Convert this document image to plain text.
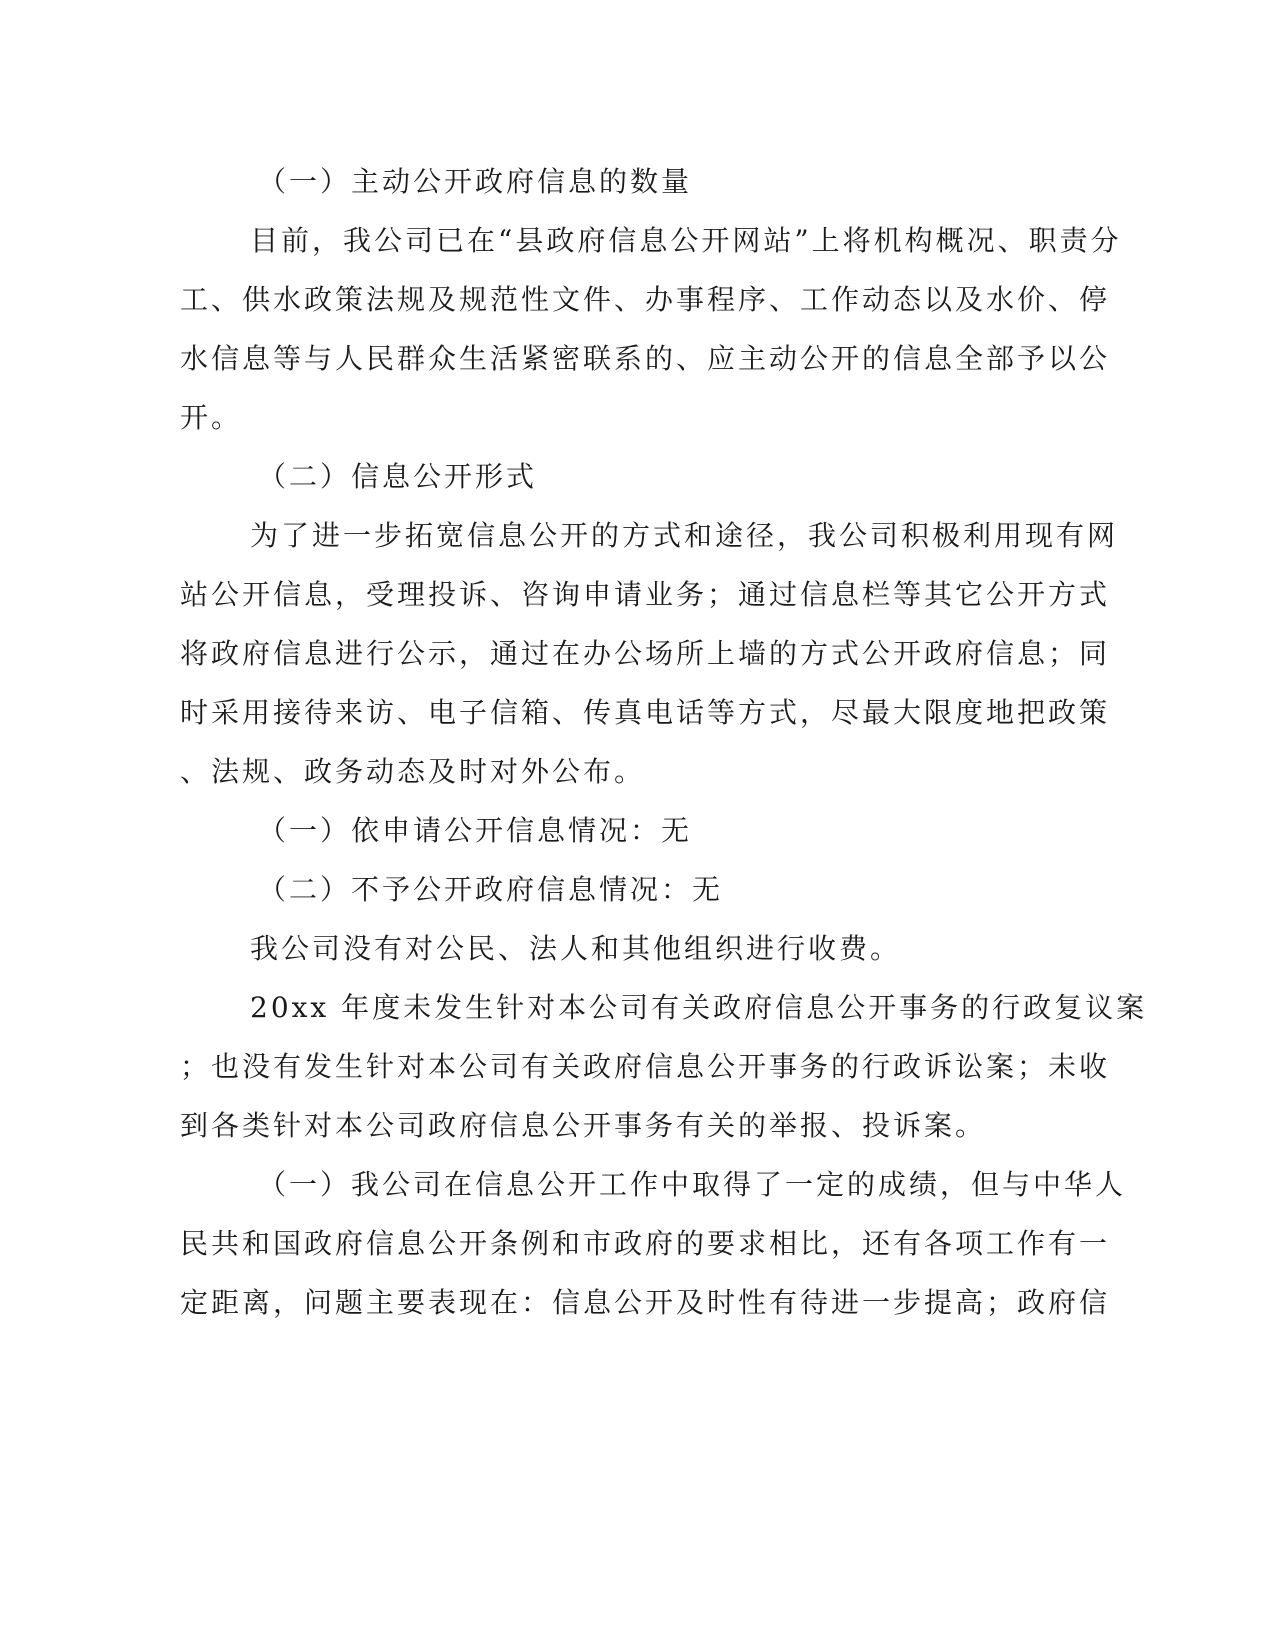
（一）主动公开政府信息的数量
目前，我公司已在“县政府信息公开网站”上将机构概况、职责分
工、供水政策法规及规范性文件、办事程序、工作动态以及水价、停
水信息等与人民群众生活紧密联系的、应主动公开的信息全部予以公
开。
（二）信息公开形式
为了进一步拓宽信息公开的方式和途径，我公司积极利用现有网
站公开信息，受理投诉、咨询申请业务；通过信息栏等其它公开方式
将政府信息进行公示，通过在办公场所上墙的方式公开政府信息；同
时采用接待来访、电子信箱、传真电话等方式，尽最大限度地把政策
、法规、政务动态及时对外公布。
（一）依申请公开信息情况：无
（二）不予公开政府信息情况：无
我公司没有对公民、法人和其他组织进行收费。
20xx 年度未发生针对本公司有关政府信息公开事务的行政复议案
；也没有发生针对本公司有关政府信息公开事务的行政诉讼案；未收
到各类针对本公司政府信息公开事务有关的举报、投诉案。
（一）我公司在信息公开工作中取得了一定的成绩，但与中华人
民共和国政府信息公开条例和市政府的要求相比，还有各项工作有一
定距离，问题主要表现在：信息公开及时性有待进一步提高；政府信
